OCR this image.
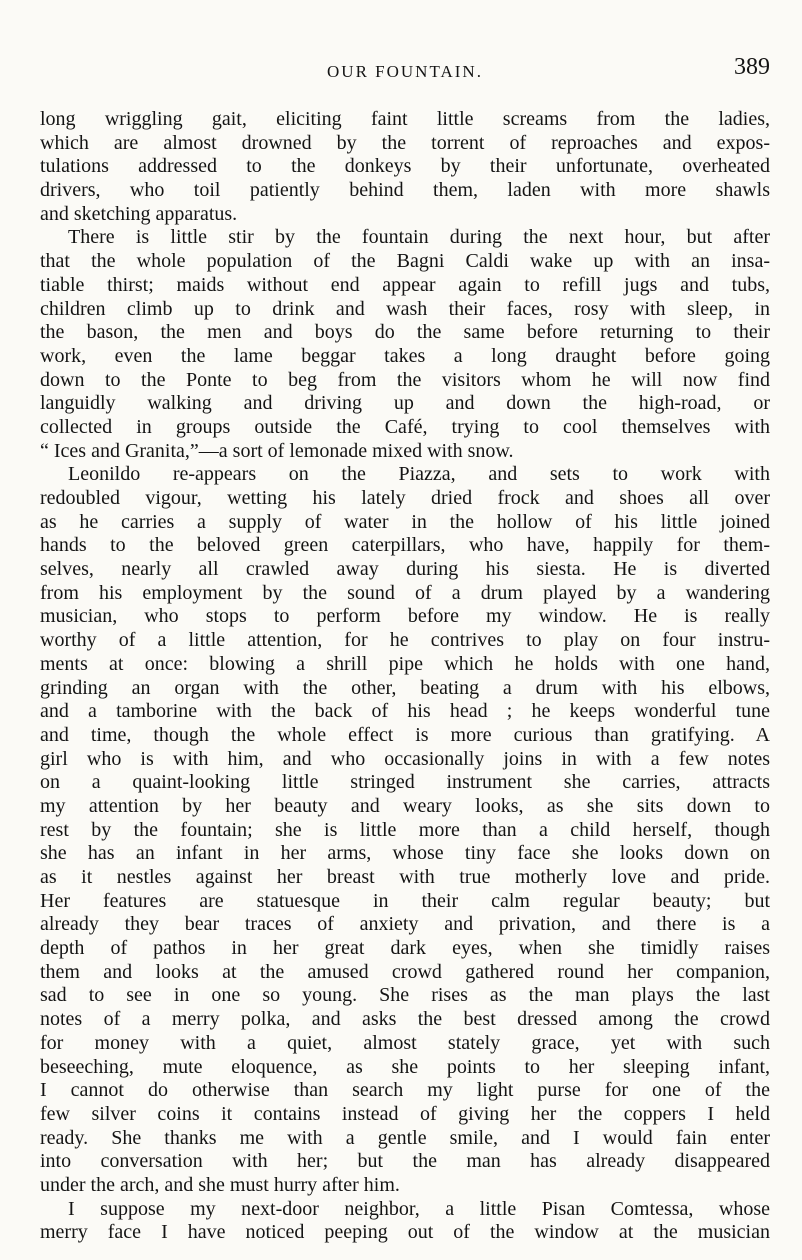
OUR FOUNTAIN.	389
long wriggling gait, eliciting faint little screams from the ladies,
which are almost drowned by the torrent of reproaches and expos-
tulations addressed to the donkeys by their unfortunate, overheated
drivers, who toil patiently behind them, laden with more shawls
and sketching apparatus.
There is little stir by the fountain during the next hour, but after
that the whole population of the Bagni Caldi wake up with an insa-
tiable thirst; maids without end appear again to refill jugs and tubs,
children climb up to drink and wash their faces, rosy with sleep, in
the bason, the men and boys do the same before returning to their
work, even the lame beggar takes a long draught before going
down to the Ponte to beg from the visitors whom he will now find
languidly walking and driving up and down the high-road, or
collected in groups outside the Café, trying to cool themselves with
“ Ices and Granita,”—a sort of lemonade mixed with snow.
Leonildo re-appears on the Piazza, and sets to work with
redoubled vigour, wetting his lately dried frock and shoes all over
as he carries a supply of water in the hollow of his little joined
hands to the beloved green caterpillars, who have, happily for them-
selves, nearly all crawled away during his siesta. He is diverted
from his employment by the sound of a drum played by a wandering
musician, who stops to perform before my window. He is really
worthy of a little attention, for he contrives to play on four instru-
ments at once: blowing a shrill pipe which he holds with one hand,
grinding an organ with the other, beating a drum with his elbows,
and a tamborine with the back of his head ; he keeps wonderful tune
and time, though the whole effect is more curious than gratifying. A
girl who is with him, and who occasionally joins in with a few notes
on a quaint-looking little stringed instrument she carries, attracts
my attention by her beauty and weary looks, as she sits down to
rest by the fountain; she is little more than a child herself, though
she has an infant in her arms, whose tiny face she looks down on
as it nestles against her breast with true motherly love and pride.
Her features are statuesque in their calm regular beauty; but
already they bear traces of anxiety and privation, and there is a
depth of pathos in her great dark eyes, when she timidly raises
them and looks at the amused crowd gathered round her companion,
sad to see in one so young. She rises as the man plays the last
notes of a merry polka, and asks the best dressed among the crowd
for money with a quiet, almost stately grace, yet with such
beseeching, mute eloquence, as she points to her sleeping infant,
I cannot do otherwise than search my light purse for one of the
few silver coins it contains instead of giving her the coppers I held
ready. She thanks me with a gentle smile, and I would fain enter
into conversation with her; but the man has already disappeared
under the arch, and she must hurry after him.
I suppose my next-door neighbor, a little Pisan Comtessa, whose
merry face I have noticed peeping out of the window at the musician
